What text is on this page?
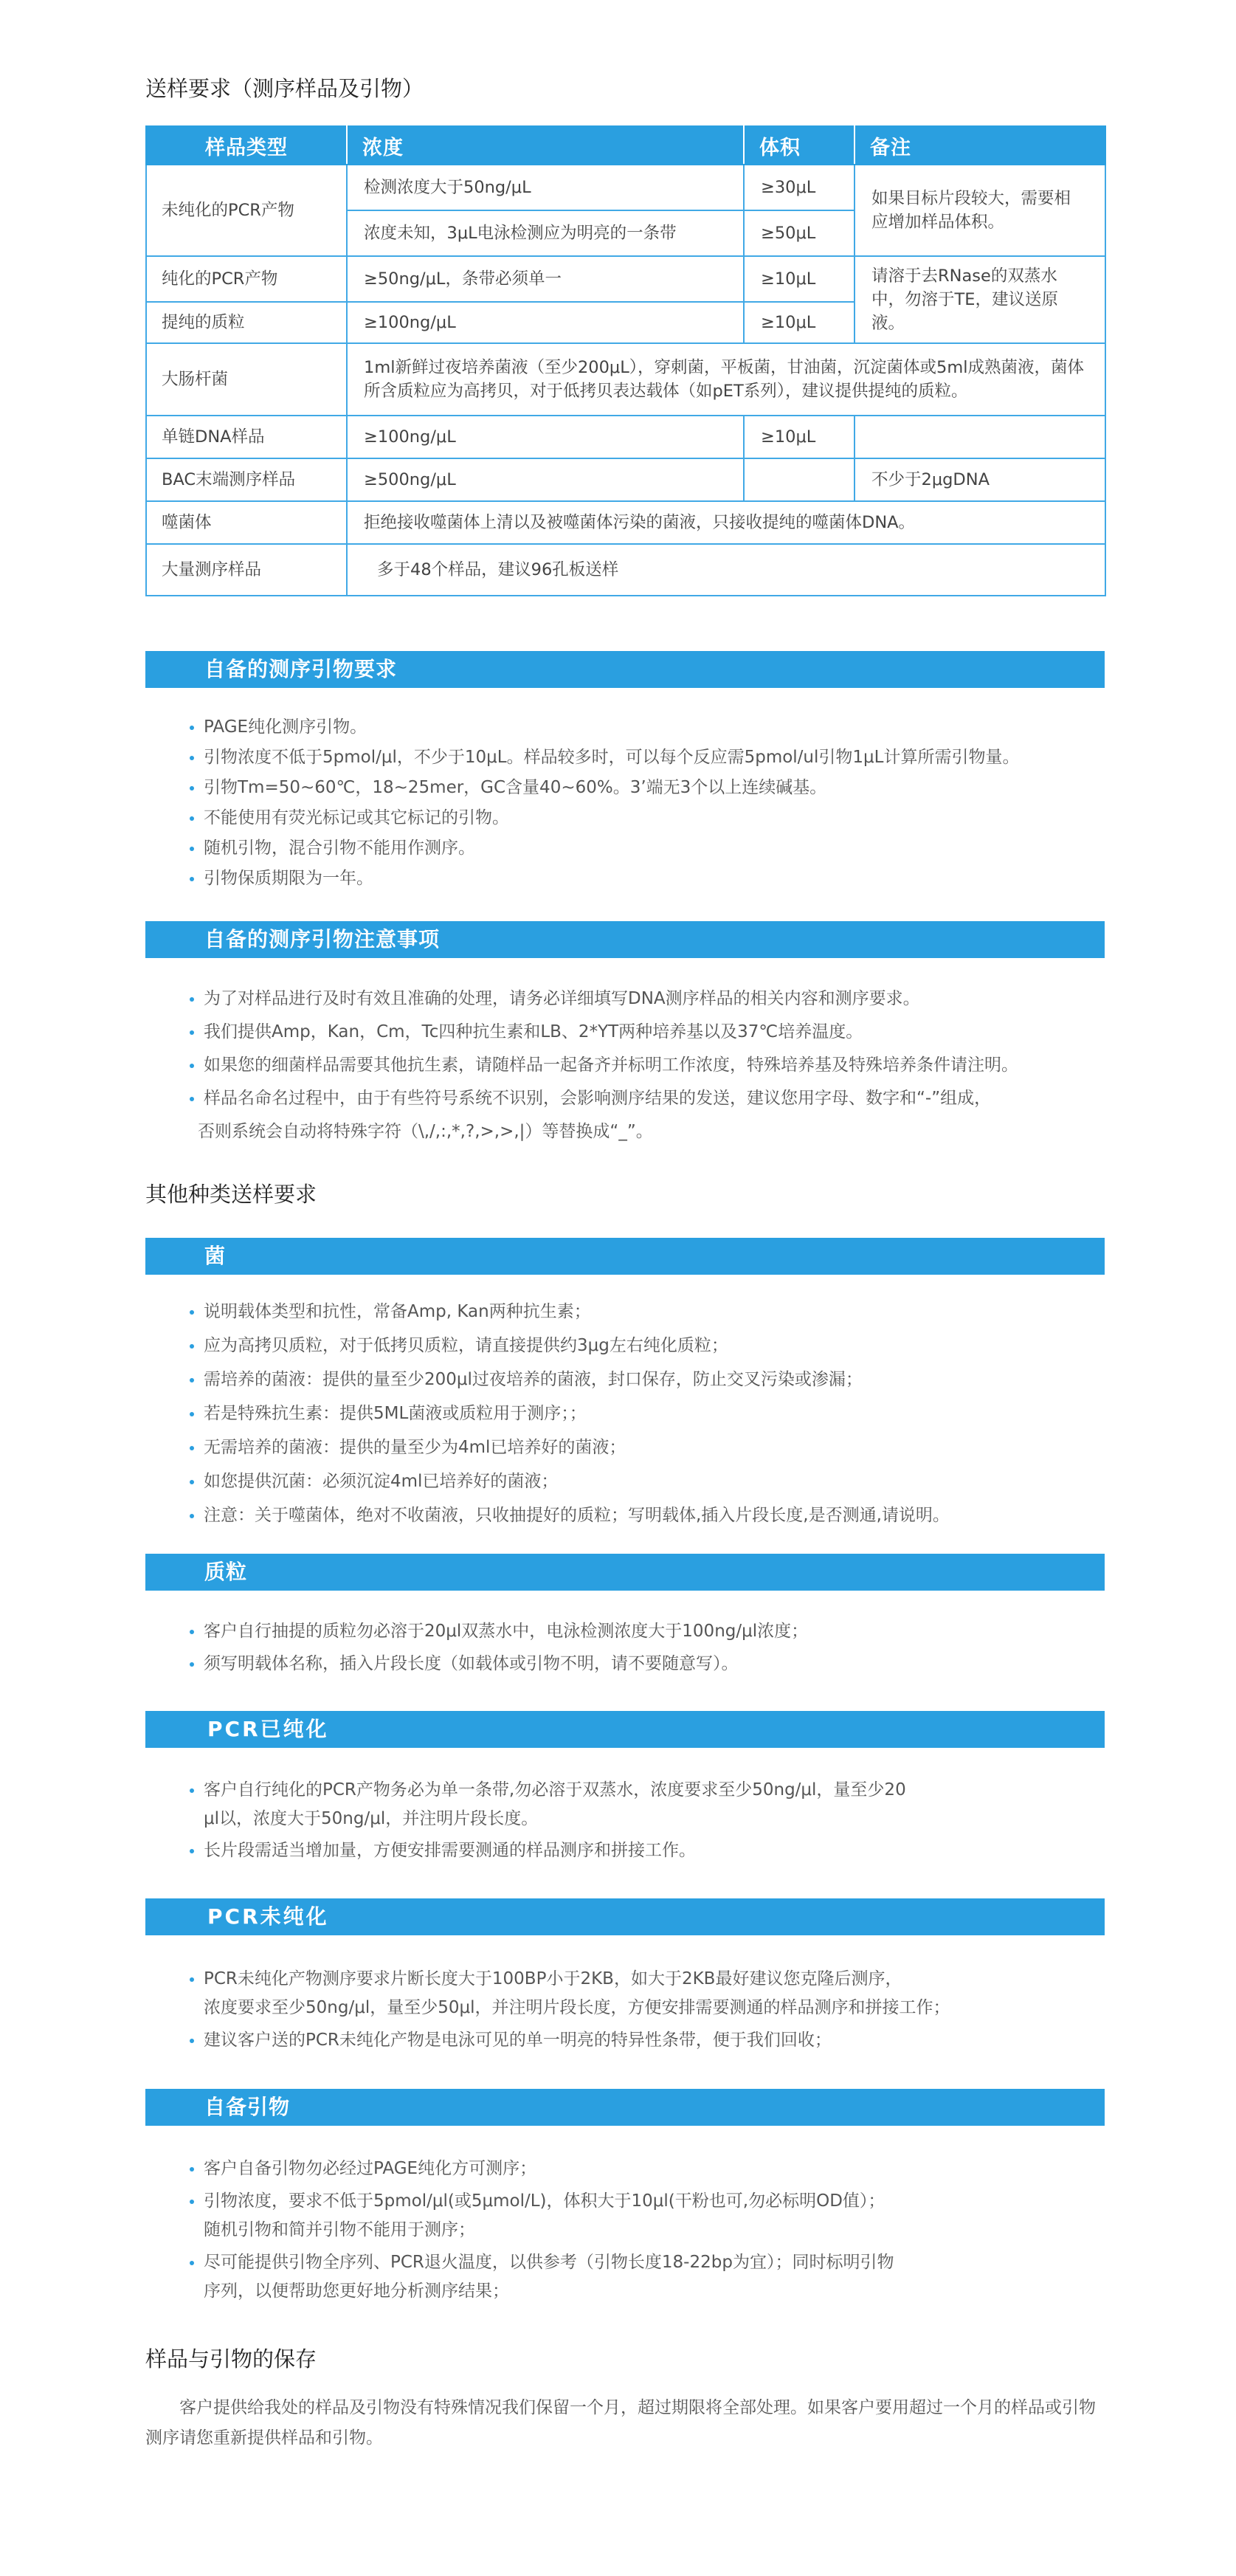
送样要求（测序样品及引物）
样品类型	浓度	体积	备注
未纯化的PCR产物	检测浓度大于50ng/μL	≥30μL	如果目标片段较大，需要相应增加样品体积。
	浓度未知，3μL电泳检测应为明亮的一条带	≥50μL	
纯化的PCR产物	≥50ng/μL，条带必须单一	≥10μL	请溶于去RNase的双蒸水中，勿溶于TE，建议送原液。
提纯的质粒	≥100ng/μL	≥10μL	
大肠杆菌	1ml新鲜过夜培养菌液（至少200μL），穿刺菌，平板菌，甘油菌，沉淀菌体或5ml成熟菌液，菌体所含质粒应为高拷贝，对于低拷贝表达载体（如pET系列），建议提供提纯的质粒。		
单链DNA样品	≥100ng/μL	≥10μL	
BAC末端测序样品	≥500ng/μL		不少于2μgDNA
噬菌体	拒绝接收噬菌体上清以及被噬菌体污染的菌液，只接收提纯的噬菌体DNA。		
大量测序样品	多于48个样品，建议96孔板送样		
自备的测序引物要求
PAGE纯化测序引物。
引物浓度不低于5pmol/μl，不少于10μL。样品较多时，可以每个反应需5pmol/ul引物1μL计算所需引物量。
引物Tm=50~60℃，18~25mer，GC含量40~60%。3’端无3个以上连续碱基。
不能使用有荧光标记或其它标记的引物。
随机引物，混合引物不能用作测序。
引物保质期限为一年。
自备的测序引物注意事项
为了对样品进行及时有效且准确的处理，请务必详细填写DNA测序样品的相关内容和测序要求。
我们提供Amp，Kan，Cm，Tc四种抗生素和LB、2*YT两种培养基以及37℃培养温度。
如果您的细菌样品需要其他抗生素，请随样品一起备齐并标明工作浓度，特殊培养基及特殊培养条件请注明。
样品名命名过程中，由于有些符号系统不识别，会影响测序结果的发送，建议您用字母、数字和“-”组成，
否则系统会自动将特殊字符（\,/,:,*,?,>,>,|）等替换成“_”。
其他种类送样要求
菌
说明载体类型和抗性，常备Amp, Kan两种抗生素；
应为高拷贝质粒，对于低拷贝质粒，请直接提供约3μg左右纯化质粒；
需培养的菌液：提供的量至少200μl过夜培养的菌液，封口保存，防止交叉污染或渗漏；
若是特殊抗生素：提供5ML菌液或质粒用于测序；；
无需培养的菌液：提供的量至少为4ml已培养好的菌液；
如您提供沉菌：必须沉淀4ml已培养好的菌液；
注意：关于噬菌体，绝对不收菌液，只收抽提好的质粒；写明载体,插入片段长度,是否测通,请说明。
质粒
客户自行抽提的质粒勿必溶于20μl双蒸水中，电泳检测浓度大于100ng/μl浓度；
须写明载体名称，插入片段长度（如载体或引物不明，请不要随意写）。
PCR已纯化
客户自行纯化的PCR产物务必为单一条带,勿必溶于双蒸水，浓度要求至少50ng/μl，量至少20
μl以，浓度大于50ng/μl，并注明片段长度。
长片段需适当增加量，方便安排需要测通的样品测序和拼接工作。
PCR未纯化
PCR未纯化产物测序要求片断长度大于100BP小于2KB，如大于2KB最好建议您克隆后测序，
浓度要求至少50ng/μl，量至少50μl，并注明片段长度，方便安排需要测通的样品测序和拼接工作；
建议客户送的PCR未纯化产物是电泳可见的单一明亮的特异性条带，便于我们回收；
自备引物
客户自备引物勿必经过PAGE纯化方可测序；
引物浓度，要求不低于5pmol/μl(或5μmol/L)，体积大于10μl(干粉也可,勿必标明OD值）；
随机引物和简并引物不能用于测序；
尽可能提供引物全序列、PCR退火温度，以供参考（引物长度18-22bp为宜）；同时标明引物
序列，以便帮助您更好地分析测序结果；
样品与引物的保存
客户提供给我处的样品及引物没有特殊情况我们保留一个月，超过期限将全部处理。如果客户要用超过一个月的样品或引物测序请您重新提供样品和引物。
